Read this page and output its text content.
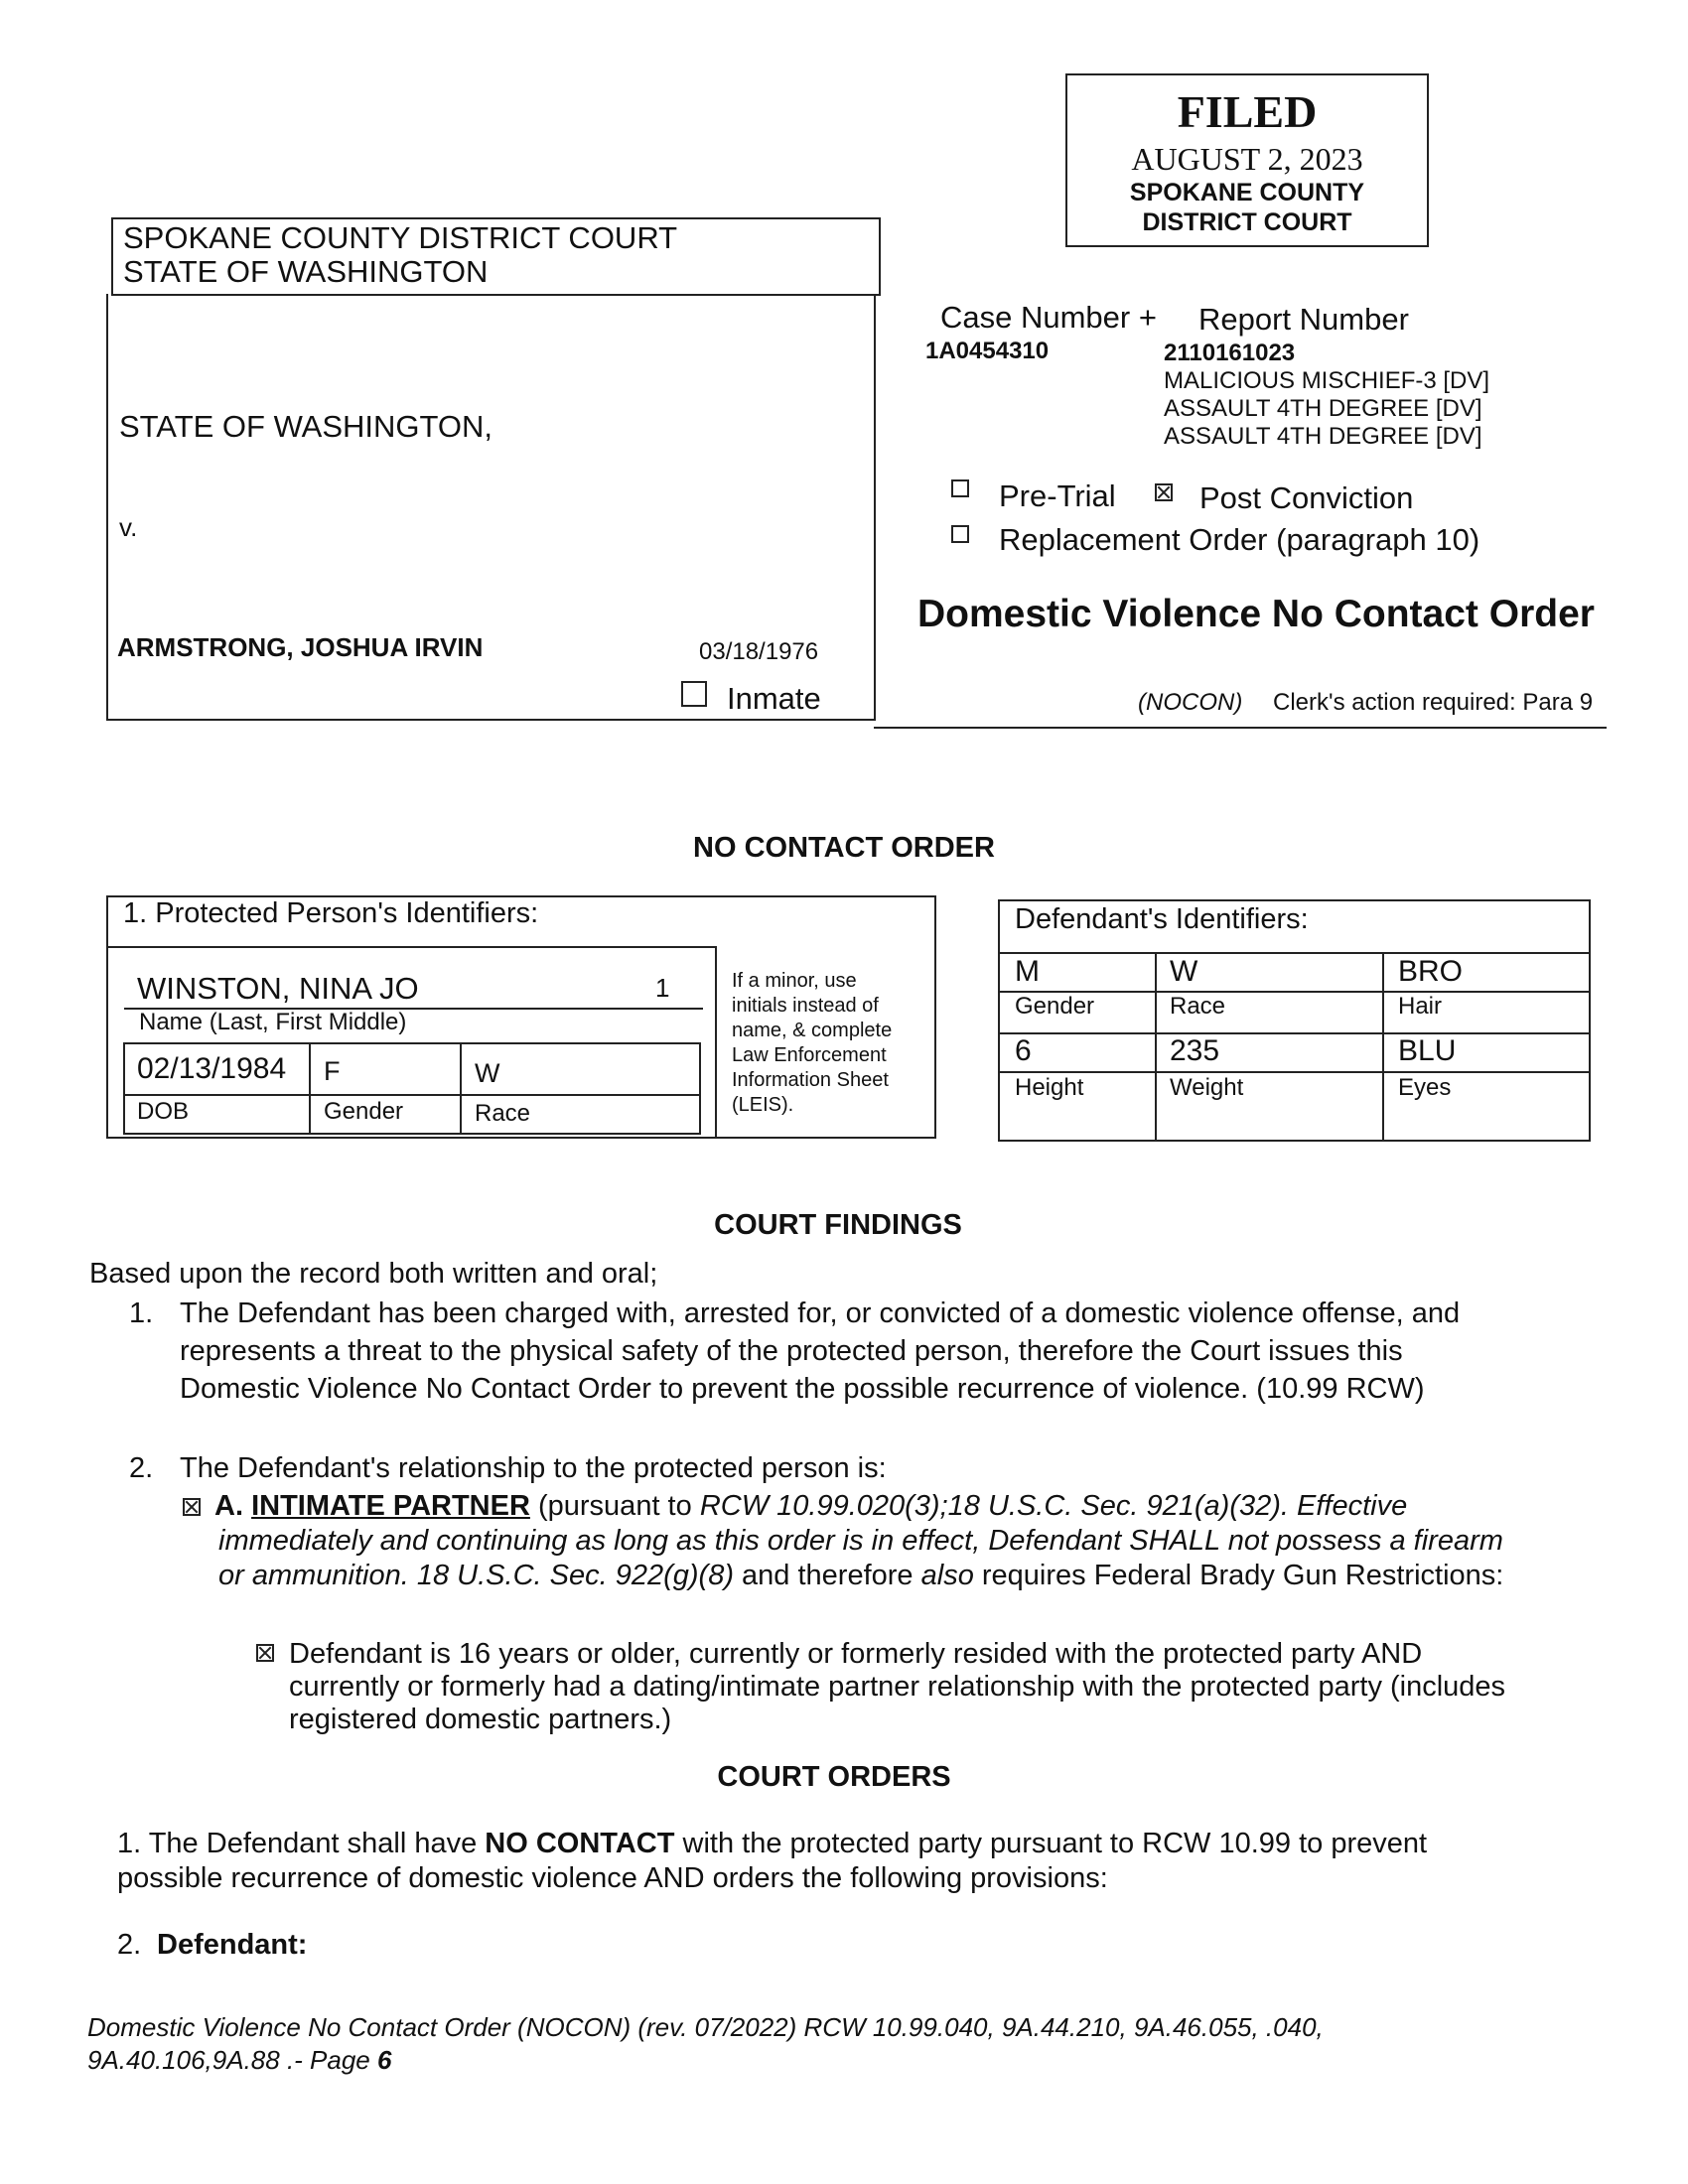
FILED
AUGUST 2, 2023
SPOKANE COUNTY
DISTRICT COURT
SPOKANE COUNTY DISTRICT COURT
STATE OF WASHINGTON
STATE OF WASHINGTON,
v.
ARMSTRONG, JOSHUA IRVIN	03/18/1976
Inmate
Case Number + Report Number
1A0454310	2110161023
MALICIOUS MISCHIEF-3 [DV]
ASSAULT 4TH DEGREE [DV]
ASSAULT 4TH DEGREE [DV]
Pre-Trial	Post Conviction
Replacement Order (paragraph 10)
Domestic Violence No Contact Order
(NOCON) Clerk's action required: Para 9
NO CONTACT ORDER
1. Protected Person's Identifiers:
WINSTON, NINA JO	1
Name (Last, First Middle)
02/13/1984 F	W
DOB	Gender	Race
If a minor, use
initials instead of
name, & complete
Law Enforcement
Information Sheet
(LEIS).
Defendant's Identifiers:
M	W	BRO
Gender	Race	Hair
6	235	BLU
Height	Weight	Eyes
COURT FINDINGS
Based upon the record both written and oral;
1. The Defendant has been charged with, arrested for, or convicted of a domestic violence offense, and
represents a threat to the physical safety of the protected person, therefore the Court issues this
Domestic Violence No Contact Order to prevent the possible recurrence of violence. (10.99 RCW)
2. The Defendant's relationship to the protected person is:
A. INTIMATE PARTNER (pursuant to RCW 10.99.020(3);18 U.S.C. Sec. 921(a)(32). Effective
immediately and continuing as long as this order is in effect, Defendant SHALL not possess a firearm
or ammunition. 18 U.S.C. Sec. 922(g)(8) and therefore also requires Federal Brady Gun Restrictions:
Defendant is 16 years or older, currently or formerly resided with the protected party AND
currently or formerly had a dating/intimate partner relationship with the protected party (includes
registered domestic partners.)
COURT ORDERS
1. The Defendant shall have NO CONTACT with the protected party pursuant to RCW 10.99 to prevent
possible recurrence of domestic violence AND orders the following provisions:
2. Defendant:
Domestic Violence No Contact Order (NOCON) (rev. 07/2022) RCW 10.99.040, 9A.44.210, 9A.46.055, .040,
9A.40.106,9A.88 .- Page 6
